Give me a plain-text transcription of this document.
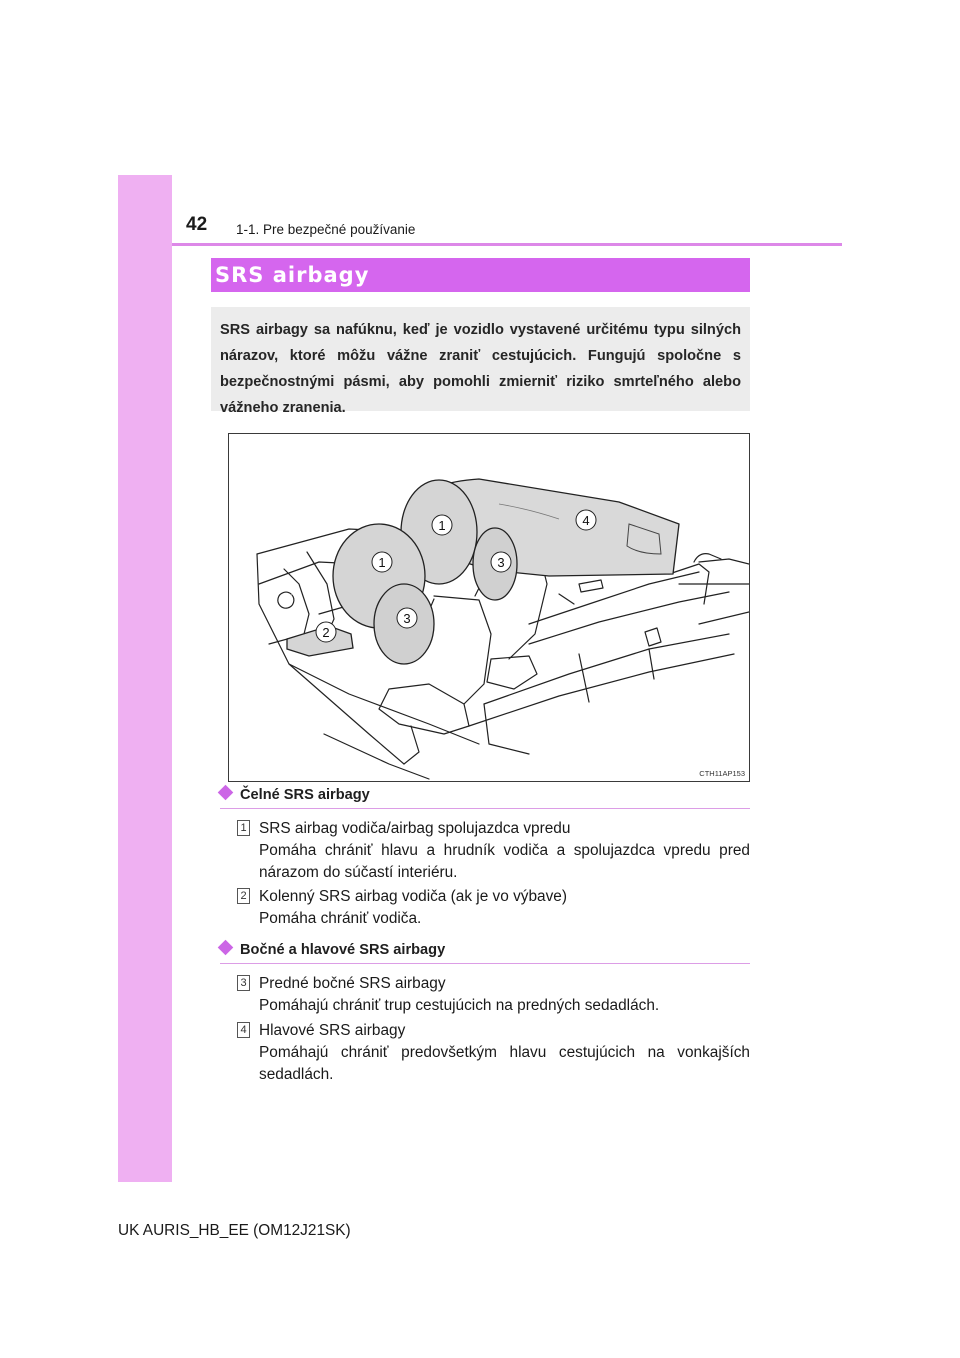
42 1-1. Pre bezpečné používanie
SRS airbagy

SRS airbagy sa nafúknu, keď je vozidlo vystavené určitému typu silných nárazov, ktoré môžu vážne zraniť cestujúcich. Fungujú spoločne s bezpečnostnými pásmi, aby pomohli zmierniť riziko smrteľného alebo vážneho zranenia.

1	4
1	3
3
2
CTH11AP153
Čelné SRS airbagy
1 SRS airbag vodiča/airbag spolujazdca vpredu
Pomáha chrániť hlavu a hrudník vodiča a spolujazdca vpredu pred nárazom do súčastí interiéru.
2 Kolenný SRS airbag vodiča (ak je vo výbave)
Pomáha chrániť vodiča.
Bočné a hlavové SRS airbagy
3 Predné bočné SRS airbagy
Pomáhajú chrániť trup cestujúcich na predných sedadlách.
4 Hlavové SRS airbagy
Pomáhajú chrániť predovšetkým hlavu cestujúcich na vonkajších sedadlách.
UK AURIS_HB_EE (OM12J21SK)
